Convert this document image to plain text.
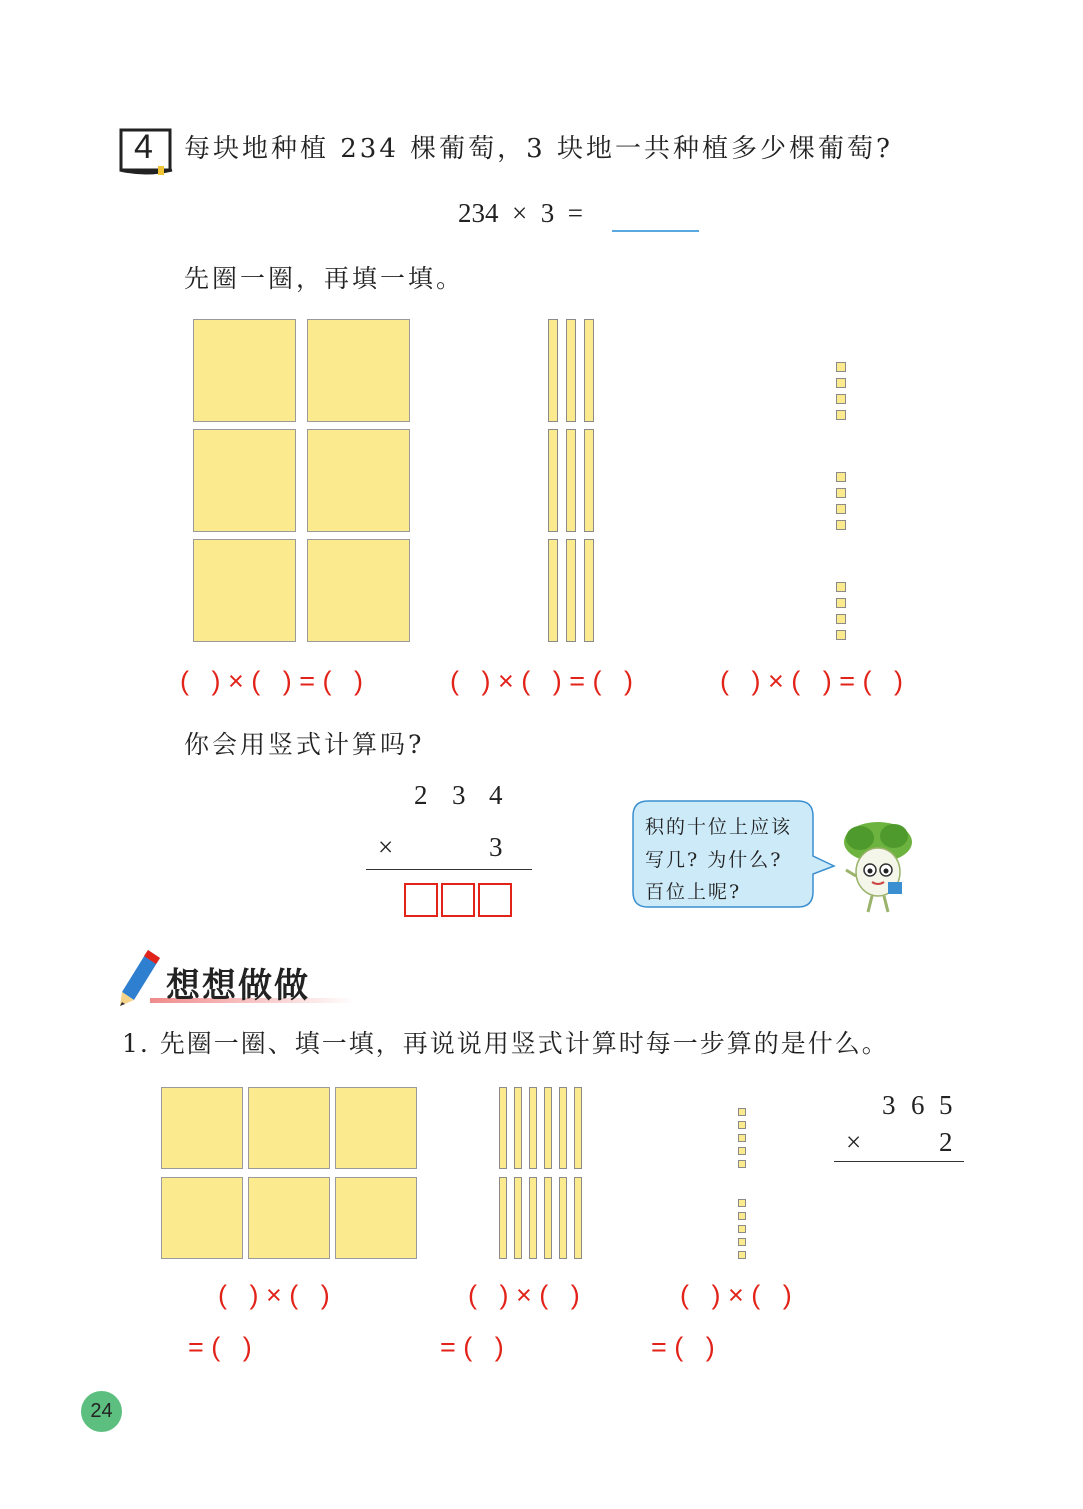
4 每块地种植 234 棵葡萄，3 块地一共种植多少棵葡萄?
234  ×  3  =
先圈一圈，再填一填。
(   ) × (   ) = (   )	(   ) × (   ) = (   )	(   ) × (   ) = (   )
你会用竖式计算吗?
2 3 4
×	3
积的十位上应该
写几? 为什么?
百位上呢?
想想做做
1. 先圈一圈、填一填，再说说用竖式计算时每一步算的是什么。
3 6 5
×	2
(   ) × (   )	(   ) × (   )	(   ) × (   )
= (   )	= (   )	= (   )
24
